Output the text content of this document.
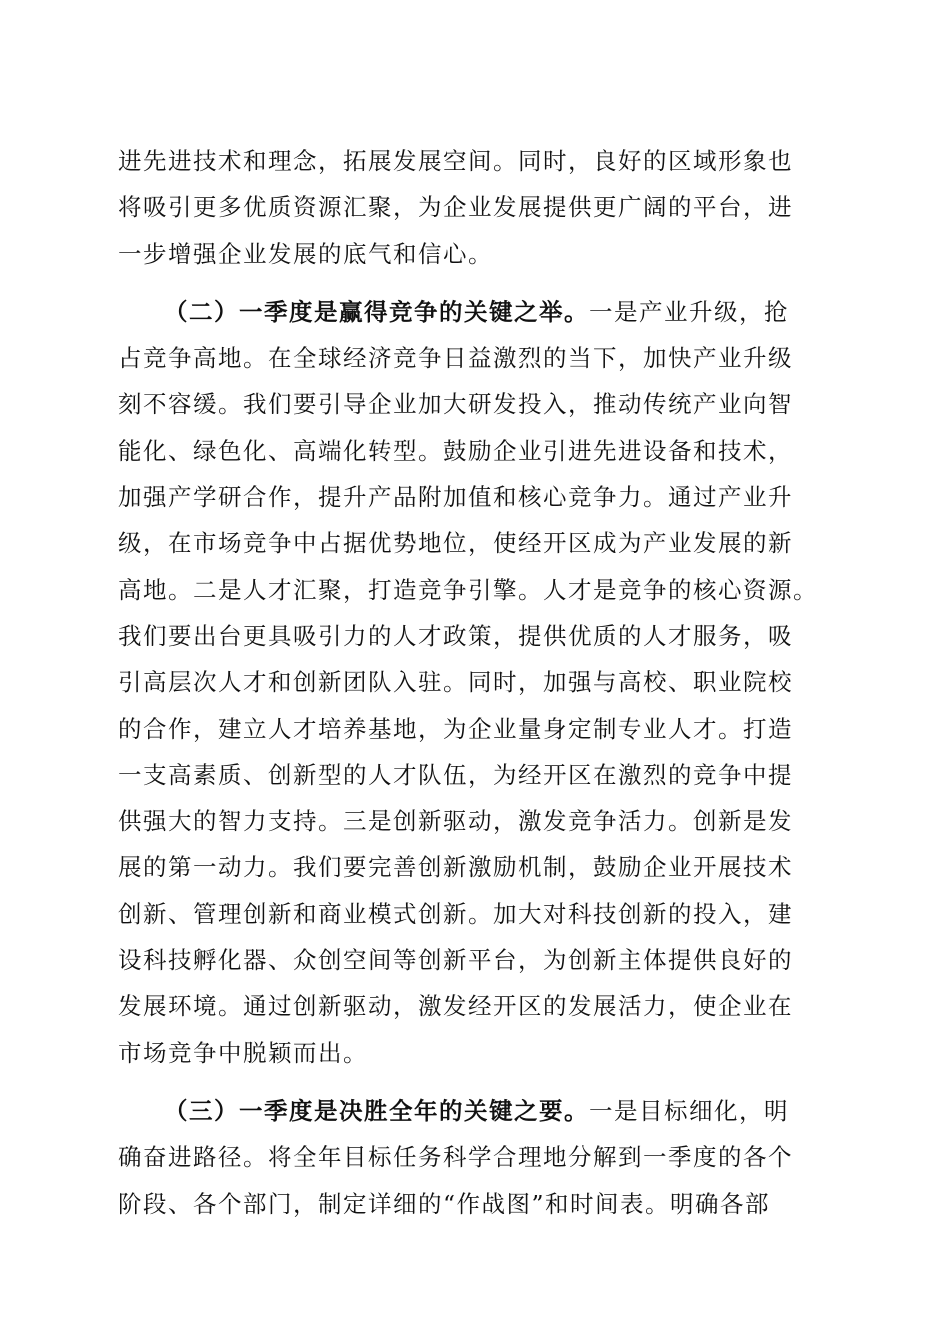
进先进技术和理念，拓展发展空间。同时，良好的区域形象也
将吸引更多优质资源汇聚，为企业发展提供更广阔的平台，进
一步增强企业发展的底气和信心。
（二）一季度是赢得竞争的关键之举。一是产业升级，抢
占竞争高地。在全球经济竞争日益激烈的当下，加快产业升级
刻不容缓。我们要引导企业加大研发投入，推动传统产业向智
能化、绿色化、高端化转型。鼓励企业引进先进设备和技术，
加强产学研合作，提升产品附加值和核心竞争力。通过产业升
级，在市场竞争中占据优势地位，使经开区成为产业发展的新
高地。二是人才汇聚，打造竞争引擎。人才是竞争的核心资源。
我们要出台更具吸引力的人才政策，提供优质的人才服务，吸
引高层次人才和创新团队入驻。同时，加强与高校、职业院校
的合作，建立人才培养基地，为企业量身定制专业人才。打造
一支高素质、创新型的人才队伍，为经开区在激烈的竞争中提
供强大的智力支持。三是创新驱动，激发竞争活力。创新是发
展的第一动力。我们要完善创新激励机制，鼓励企业开展技术
创新、管理创新和商业模式创新。加大对科技创新的投入，建
设科技孵化器、众创空间等创新平台，为创新主体提供良好的
发展环境。通过创新驱动，激发经开区的发展活力，使企业在
市场竞争中脱颖而出。
（三）一季度是决胜全年的关键之要。一是目标细化，明
确奋进路径。将全年目标任务科学合理地分解到一季度的各个
阶段、各个部门，制定详细的“作战图”和时间表。明确各部
